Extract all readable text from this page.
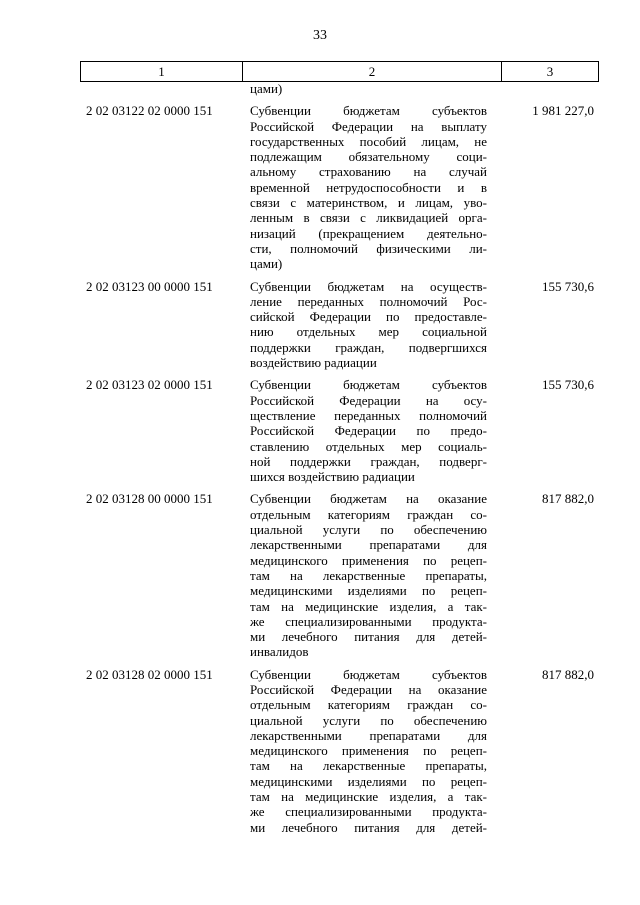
33
1	2	3
цами)
2 02 03122 02 0000 151	Субвенции бюджетам субъектов
Российской Федерации на выплату
государственных пособий лицам, не
подлежащим обязательному соци-
альному страхованию на случай
временной нетрудоспособности и в
связи с материнством, и лицам, уво-
ленным в связи с ликвидацией орга-
низаций (прекращением деятельно-
сти, полномочий физическими ли-
цами)
1 981 227,0
2 02 03123 00 0000 151	Субвенции бюджетам на осуществ-
ление переданных полномочий Рос-
сийской Федерации по предоставле-
нию отдельных мер социальной
поддержки граждан, подвергшихся
воздействию радиации
155 730,6
2 02 03123 02 0000 151	Субвенции бюджетам субъектов
Российской Федерации на осу-
ществление переданных полномочий
Российской Федерации по предо-
ставлению отдельных мер социаль-
ной поддержки граждан, подверг-
шихся воздействию радиации
155 730,6
2 02 03128 00 0000 151	Субвенции бюджетам на оказание
отдельным категориям граждан со-
циальной услуги по обеспечению
лекарственными препаратами для
медицинского применения по рецеп-
там на лекарственные препараты,
медицинскими изделиями по рецеп-
там на медицинские изделия, а так-
же специализированными продукта-
ми лечебного питания для детей-
инвалидов
817 882,0
2 02 03128 02 0000 151	Субвенции бюджетам субъектов
Российской Федерации на оказание
отдельным категориям граждан со-
циальной услуги по обеспечению
лекарственными препаратами для
медицинского применения по рецеп-
там на лекарственные препараты,
медицинскими изделиями по рецеп-
там на медицинские изделия, а так-
же специализированными продукта-
ми лечебного питания для детей-
817 882,0
